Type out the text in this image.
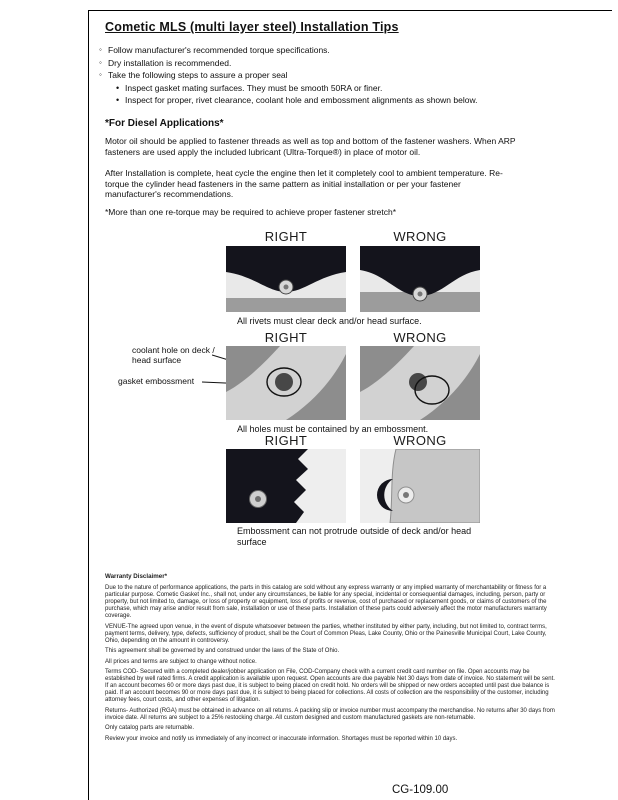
Cometic MLS (multi layer steel) Installation Tips
◦ Follow manufacturer's recommended torque specifications.
◦ Dry installation is recommended.
◦ Take the following steps to assure a proper seal
• Inspect gasket mating surfaces. They must be smooth 50RA or finer.
• Inspect for proper, rivet clearance, coolant hole and embossment alignments as shown below.
*For Diesel Applications*
Motor oil should be applied to fastener threads as well as top and bottom of the fastener washers. When ARP fasteners are used apply the included lubricant (Ultra-Torque®) in place of motor oil.
After Installation is complete, heat cycle the engine then let it completely cool to ambient temperature. Re-torque the cylinder head fasteners in the same pattern as initial installation or per your fastener manufacturer's recommendations.
*More than one re-torque may be required to achieve proper fastener stretch*
RIGHT	WRONG
All rivets must clear deck and/or head surface.
RIGHT	WRONG
coolant hole on deck / head surface
gasket embossment
All holes must be contained by an embossment.
RIGHT	WRONG
Embossment can not protrude outside of deck and/or head surface
Warranty Disclaimer*

Due to the nature of performance applications, the parts in this catalog are sold without any express warranty or any implied warranty of merchantability or fitness for a particular purpose. Cometic Gasket Inc., shall not, under any circumstances, be liable for any special, incidental or consequential damages, including, person, party or property, but not limited to, damage, or loss of property or equipment, loss of profits or revenue, cost of purchased or replacement goods, or claims of customers of the purchase, which may arise and/or result from sale, installation or use of these parts. Installation of these parts could adversely affect the motor manufacturers warranty coverage.

VENUE-The agreed upon venue, in the event of dispute whatsoever between the parties, whether instituted by either party, including, but not limited to, contract terms, payment terms, delivery, type, defects, sufficiency of product, shall be the Court of Common Pleas, Lake County, Ohio or the Painesville Municipal Court, Lake County, Ohio, depending on the amount in controversy.

This agreement shall be governed by and construed under the laws of the State of Ohio.

All prices and terms are subject to change without notice.

Terms COD- Secured with a completed dealer/jobber application on File, COD-Company check with a current credit card number on file. Open accounts may be established by well rated firms. A credit application is available upon request. Open accounts are due payable Net 30 days from date of invoice. No statement will be sent. If an account becomes 60 or more days past due, it is subject to being placed on credit hold. No orders will be shipped or new orders accepted until past due balance is paid. If an account becomes 90 or more days past due, it is subject to being placed for collections. All costs of collection are the responsibility of the customer, including attorney fees, court costs, and other expenses of litigation.

Returns- Authorized (RGA) must be obtained in advance on all returns. A packing slip or invoice number must accompany the merchandise. No returns after 30 days from invoice date. All returns are subject to a 25% restocking charge. All custom designed and custom manufactured gaskets are non-returnable.

Only catalog parts are returnable.

Review your invoice and notify us immediately of any incorrect or inaccurate information. Shortages must be reported within 10 days.

CG-109.00
